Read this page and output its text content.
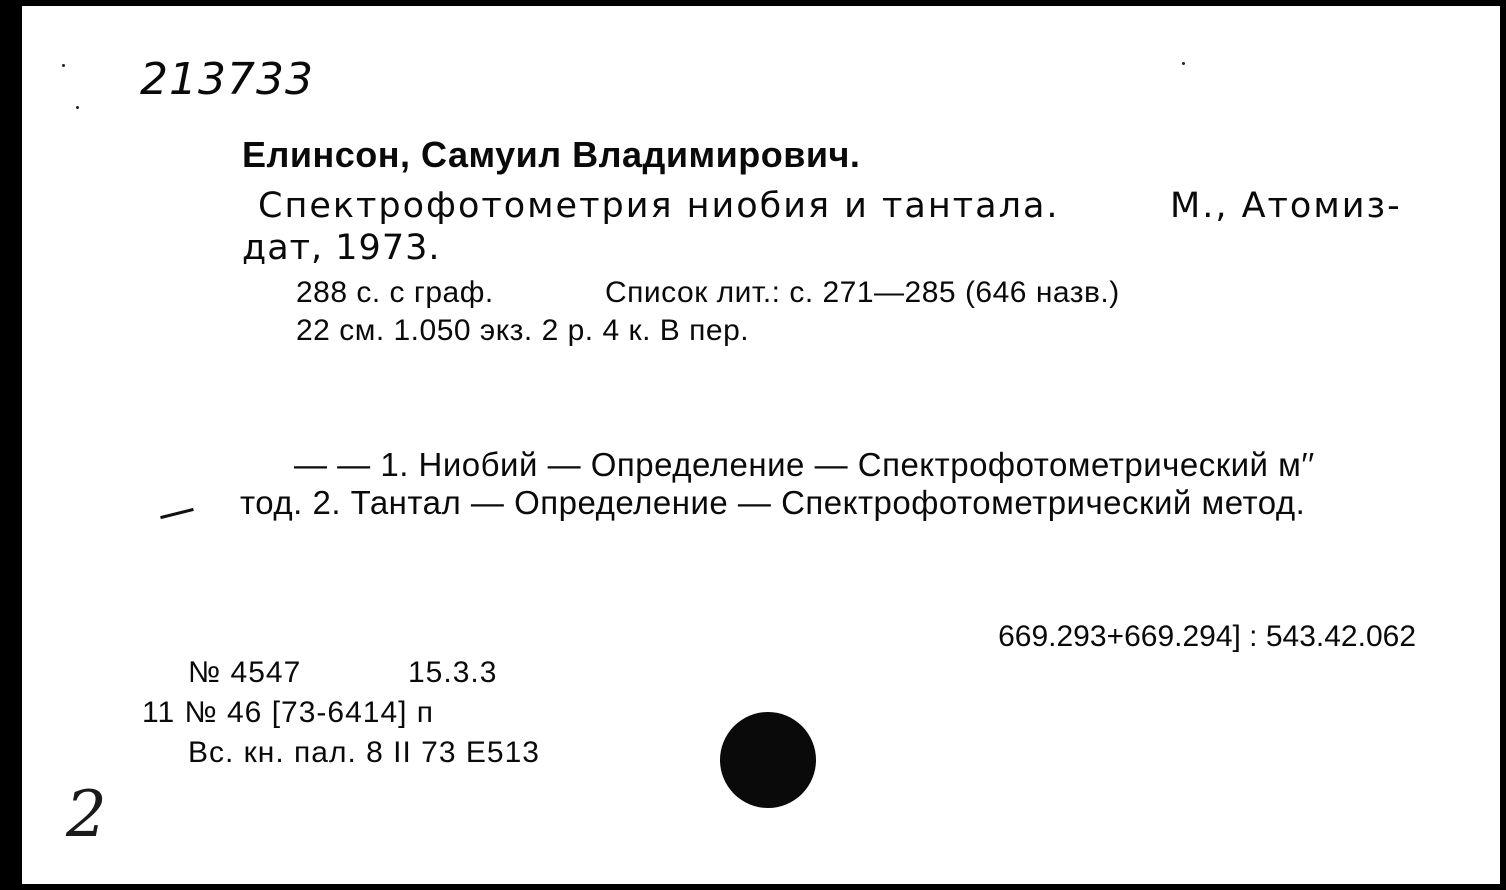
213733
Елинсон, Самуил Владимирович.
Спектрофотометрия ниобия и тантала.	М., Атомиз-
дат, 1973.
288 с. с граф.	Список лит.: с. 271—285 (646 назв.)
22 см. 1.050 экз. 2 р. 4 к. В пер.
— — 1. Ниобий — Определение — Спектрофотометрический м′′
тод. 2. Тантал — Определение — Спектрофотометрический метод.
669.293+669.294] : 543.42.062
№ 4547	15.3.3
11 № 46 [73-6414] п
Вс. кн. пал. 8 II 73 Е513
2
